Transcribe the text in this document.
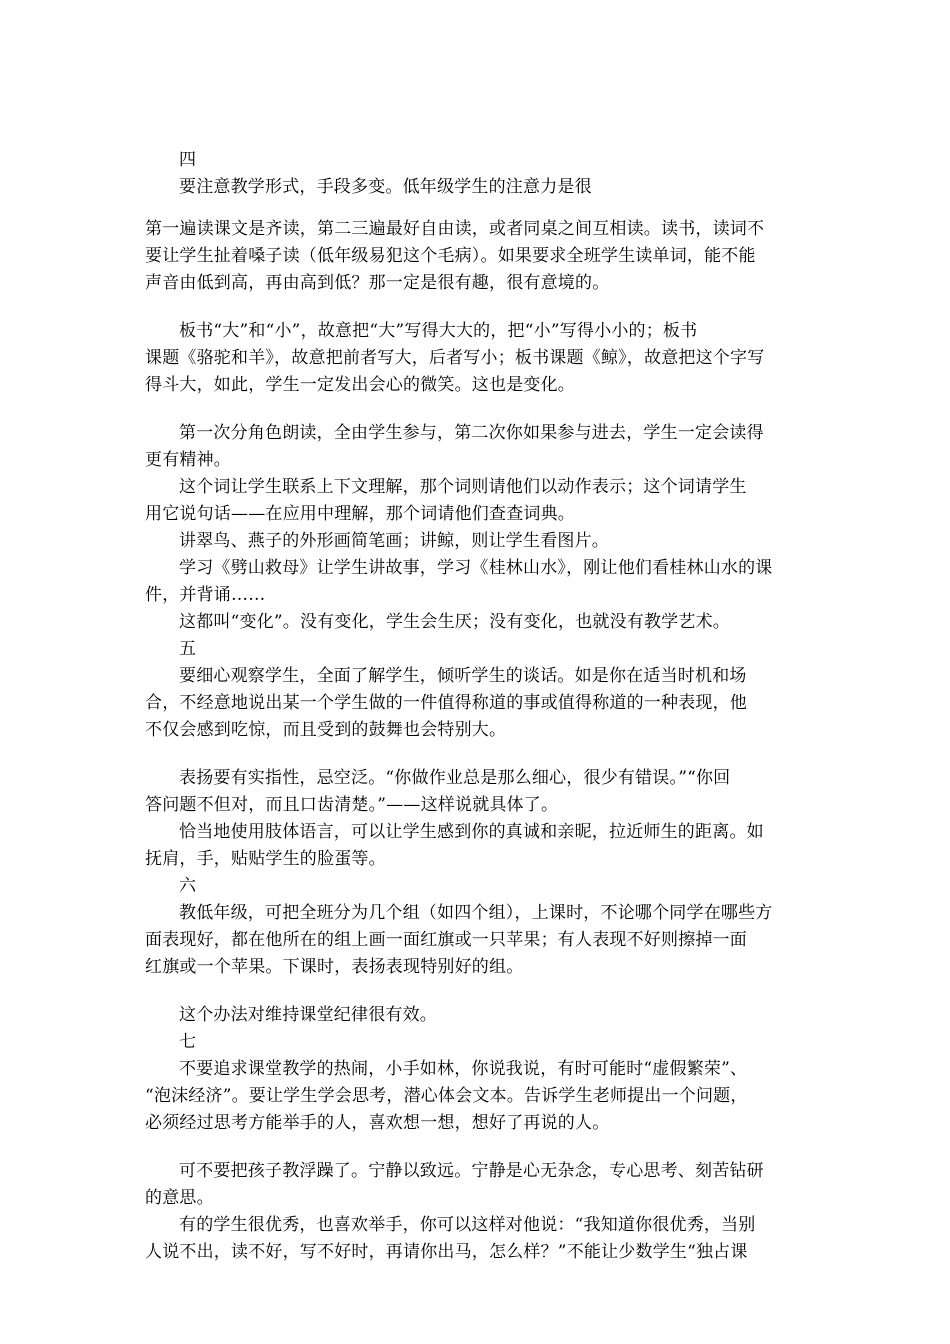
四
要注意教学形式，手段多变。低年级学生的注意力是很
第一遍读课文是齐读，第二三遍最好自由读，或者同桌之间互相读。读书，读词不
要让学生扯着嗓子读（低年级易犯这个毛病）。如果要求全班学生读单词，能不能
声音由低到高，再由高到低？那一定是很有趣，很有意境的。
板书“大”和“小”，故意把“大”写得大大的，把“小”写得小小的；板书
课题《骆驼和羊》，故意把前者写大，后者写小；板书课题《鲸》，故意把这个字写
得斗大，如此，学生一定发出会心的微笑。这也是变化。
第一次分角色朗读，全由学生参与，第二次你如果参与进去，学生一定会读得
更有精神。
这个词让学生联系上下文理解，那个词则请他们以动作表示；这个词请学生
用它说句话——在应用中理解，那个词请他们查查词典。
讲翠鸟、燕子的外形画简笔画；讲鲸，则让学生看图片。
学习《劈山救母》让学生讲故事，学习《桂林山水》，刚让他们看桂林山水的课
件，并背诵……
这都叫“变化”。没有变化，学生会生厌；没有变化，也就没有教学艺术。
五
要细心观察学生，全面了解学生，倾听学生的谈话。如是你在适当时机和场
合，不经意地说出某一个学生做的一件值得称道的事或值得称道的一种表现，他
不仅会感到吃惊，而且受到的鼓舞也会特别大。
表扬要有实指性，忌空泛。“你做作业总是那么细心，很少有错误。”“你回
答问题不但对，而且口齿清楚。”——这样说就具体了。
恰当地使用肢体语言，可以让学生感到你的真诚和亲昵，拉近师生的距离。如
抚肩，手，贴贴学生的脸蛋等。
六
教低年级，可把全班分为几个组（如四个组），上课时，不论哪个同学在哪些方
面表现好，都在他所在的组上画一面红旗或一只苹果；有人表现不好则擦掉一面
红旗或一个苹果。下课时，表扬表现特别好的组。
这个办法对维持课堂纪律很有效。
七
不要追求课堂教学的热闹，小手如林，你说我说，有时可能时“虚假繁荣”、
“泡沫经济”。要让学生学会思考，潜心体会文本。告诉学生老师提出一个问题，
必须经过思考方能举手的人，喜欢想一想，想好了再说的人。
可不要把孩子教浮躁了。宁静以致远。宁静是心无杂念，专心思考、刻苦钻研
的意思。
有的学生很优秀，也喜欢举手，你可以这样对他说：“我知道你很优秀，当别
人说不出，读不好，写不好时，再请你出马，怎么样？”不能让少数学生“独占课
